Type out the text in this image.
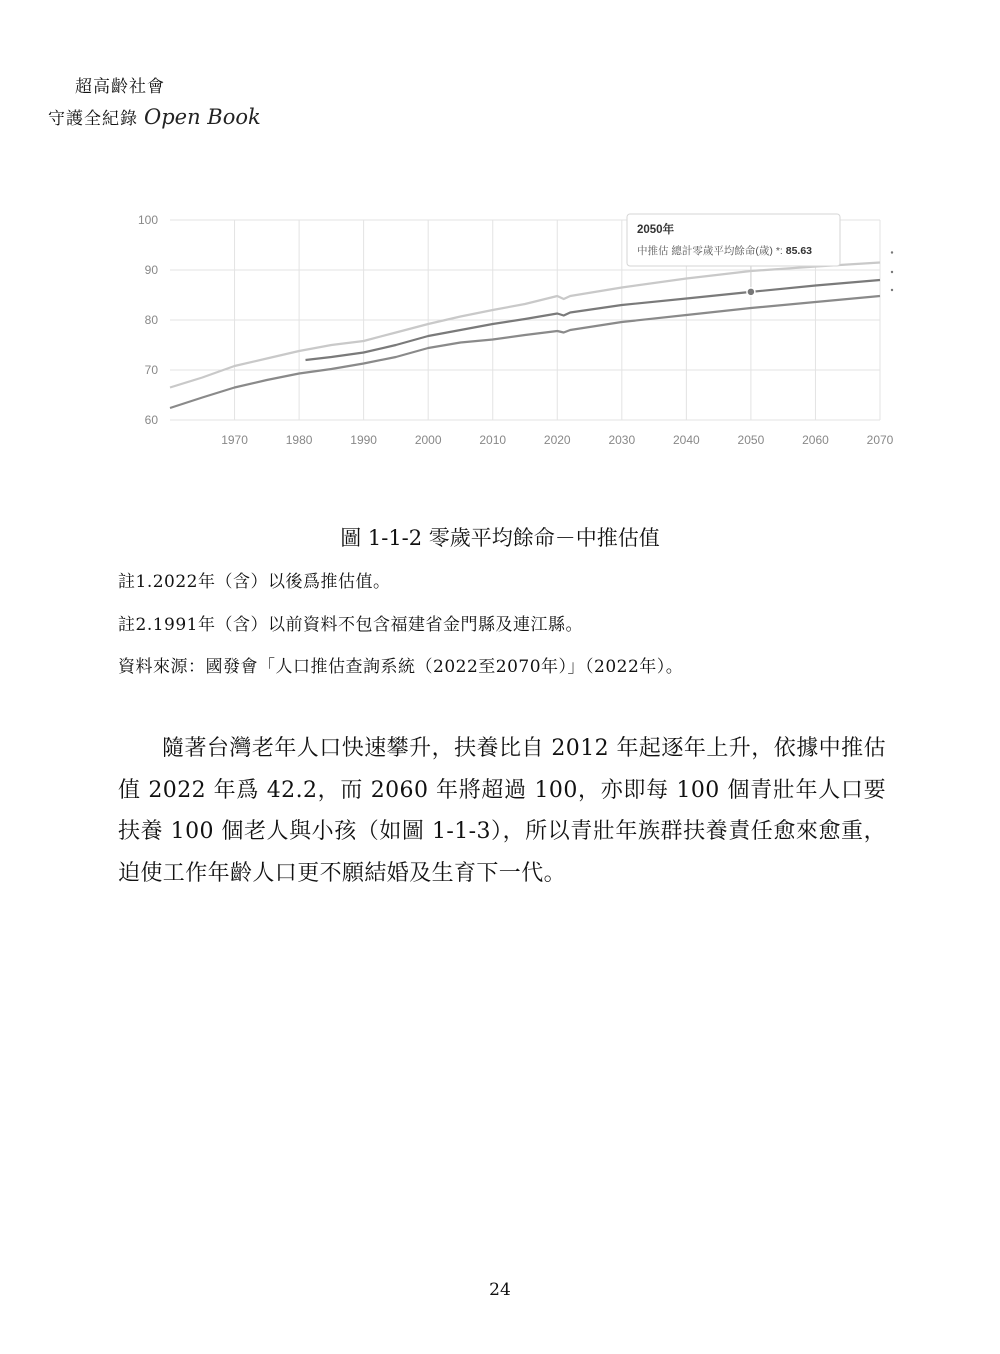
超高齡社會
守護全紀錄 Open Book
60
70
80
90
100
1970	1980	1990	2000	2010	2020	2030	2040	2050	2060	2070
2050年
中推估 總計零歲平均餘命(歲) *: 85.63
圖 1-1-2 零歲平均餘命－中推估值
註1.2022年（含）以後爲推估值。
註2.1991年（含）以前資料不包含福建省金門縣及連江縣。
資料來源：國發會「人口推估查詢系統（2022至2070年）」（2022年）。
隨著台灣老年人口快速攀升，扶養比自 2012 年起逐年上升，依據中推估值 2022 年爲 42.2，而 2060 年將超過 100，亦即每 100 個青壯年人口要扶養 100 個老人與小孩（如圖 1-1-3），所以青壯年族群扶養責任愈來愈重，迫使工作年齡人口更不願結婚及生育下一代。
24
